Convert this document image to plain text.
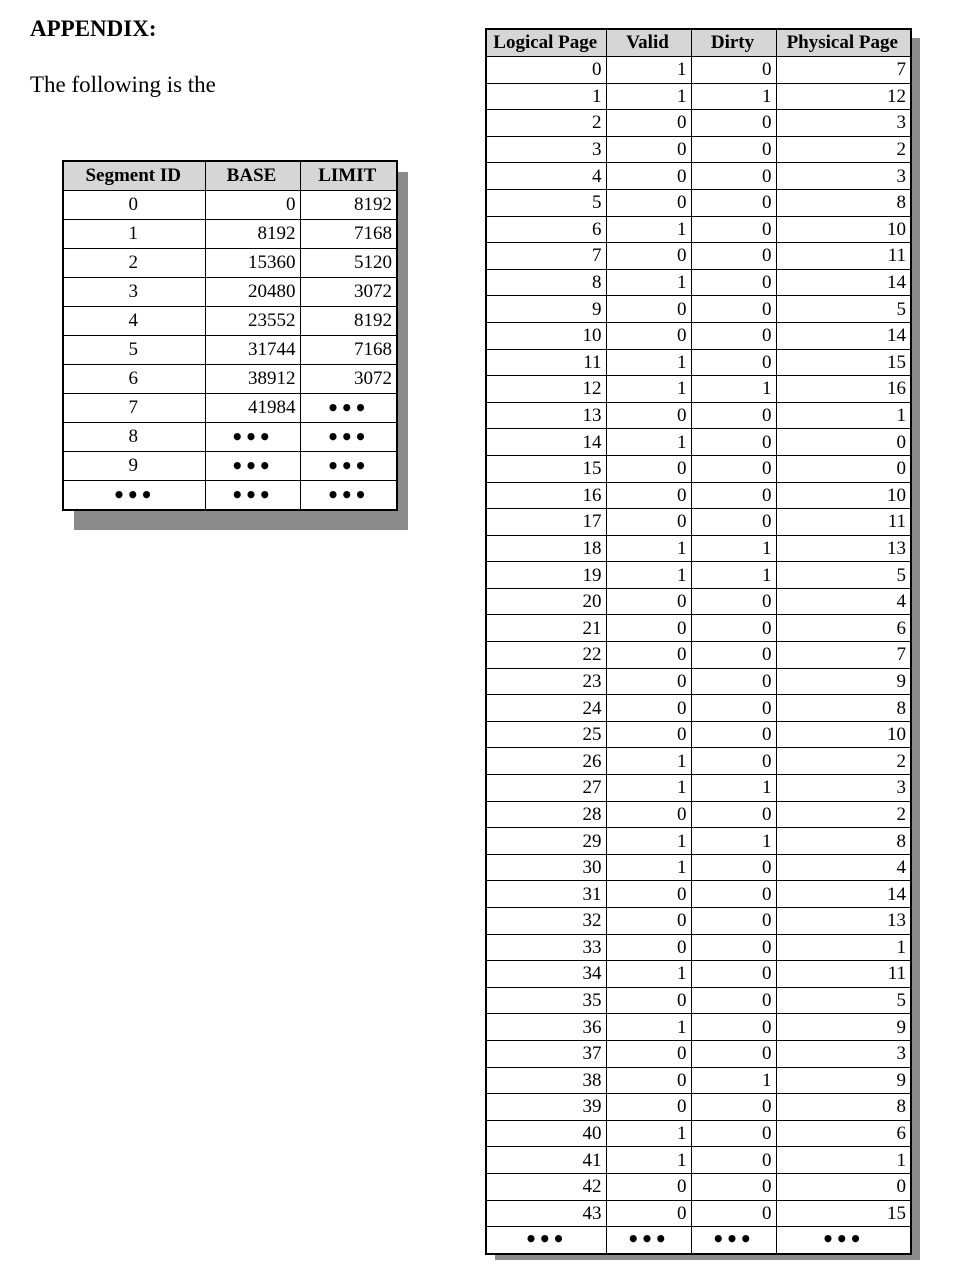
APPENDIX:
The following is the
Segment ID	BASE	LIMIT
0	0	8192
1	8192	7168
2	15360	5120
3	20480	3072
4	23552	8192
5	31744	7168
6	38912	3072
7	41984	•••
8	•••	•••
9	•••	•••
•••	•••	•••
Logical Page	Valid	Dirty	Physical Page
0	1	0	7
1	1	1	12
2	0	0	3
3	0	0	2
4	0	0	3
5	0	0	8
6	1	0	10
7	0	0	11
8	1	0	14
9	0	0	5
10	0	0	14
11	1	0	15
12	1	1	16
13	0	0	1
14	1	0	0
15	0	0	0
16	0	0	10
17	0	0	11
18	1	1	13
19	1	1	5
20	0	0	4
21	0	0	6
22	0	0	7
23	0	0	9
24	0	0	8
25	0	0	10
26	1	0	2
27	1	1	3
28	0	0	2
29	1	1	8
30	1	0	4
31	0	0	14
32	0	0	13
33	0	0	1
34	1	0	11
35	0	0	5
36	1	0	9
37	0	0	3
38	0	1	9
39	0	0	8
40	1	0	6
41	1	0	1
42	0	0	0
43	0	0	15
•••	•••	•••	•••
